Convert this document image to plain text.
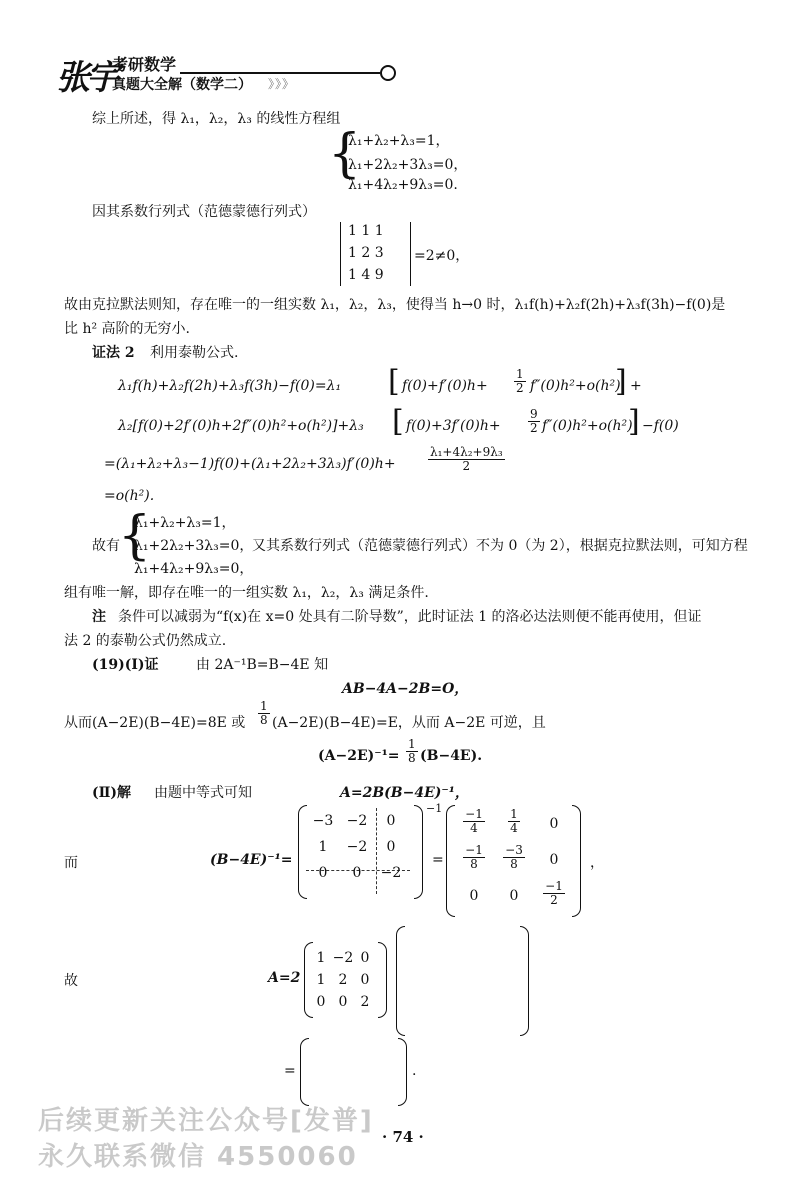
张宇
考研数学
真题大全解（数学二） 》》》
综上所述，得 λ₁，λ₂，λ₃ 的线性方程组
{
λ₁+λ₂+λ₃=1，
λ₁+2λ₂+3λ₃=0，
λ₁+4λ₂+9λ₃=0.
因其系数行列式（范德蒙德行列式）
1 1 1
1 2 3
1 4 9
=2≠0，
故由克拉默法则知，存在唯一的一组实数 λ₁，λ₂，λ₃，使得当 h→0 时，λ₁f(h)+λ₂f(2h)+λ₃f(3h)−f(0)是
比 h² 高阶的无穷小.
证法 2 利用泰勒公式.
λ₁f(h)+λ₂f(2h)+λ₃f(3h)−f(0)=λ₁ [ $f(0)+f'(0)h+ \frac{1}{2} f''(0)h^2+o(h^2)$
] +
λ₂[f(0)+2f′(0)h+2f″(0)h²+o(h²)]+λ₃ [ $f(0)+3f'(0)h+ \frac{9}{2} f''(0)h^2+o(h^2)$
] −f(0)
=(λ₁+λ₂+λ₃−1)f(0)+(λ₁+2λ₂+3λ₃)f′(0)h+	$\frac{\text{λ₁+4λ₂+9λ₃}}{2}$
=o(h²).
故有
{
λ₁+λ₂+λ₃=1，
λ₁+2λ₂+3λ₃=0，
λ₁+4λ₂+9λ₃=0，
又其系数行列式（范德蒙德行列式）不为 0（为 2），根据克拉默法则，可知方程
组有唯一解，即存在唯一的一组实数 λ₁，λ₂，λ₃ 满足条件.
注 条件可以减弱为“f(x)在 x=0 处具有二阶导数”，此时证法 1 的洛必达法则便不能再使用，但证
法 2 的泰勒公式仍然成立.
(19)(Ⅰ)证	由 2A⁻¹B=B−4E 知
AB−4A−2B=O，
从而(A−2E)(B−4E)=8E 或 $\frac{1}{8} (A-2E)(B-4E)=E$，从而 A−2E 可逆，且
$(A-2E)^{-1}= \frac{1}{8} (B-4E)$.
(Ⅱ)解 由题中等式可知	A=2B(B−4E)⁻¹，
而	(B−4E)⁻¹=
−1
−3 −2	0
1	−2	0
0	0	−2
=
$\frac{-1}{4} \frac{1}{4}$	0
$\frac{-1}{8} \frac{-3}{8}$	0
0	0	$\frac{-1}{2}$
，
故	A=2
1 −2 0
1 2 0
0 0 2
=	.
· 74 ·
后续更新关注公众号[发普]
永久联系微信 4550060
